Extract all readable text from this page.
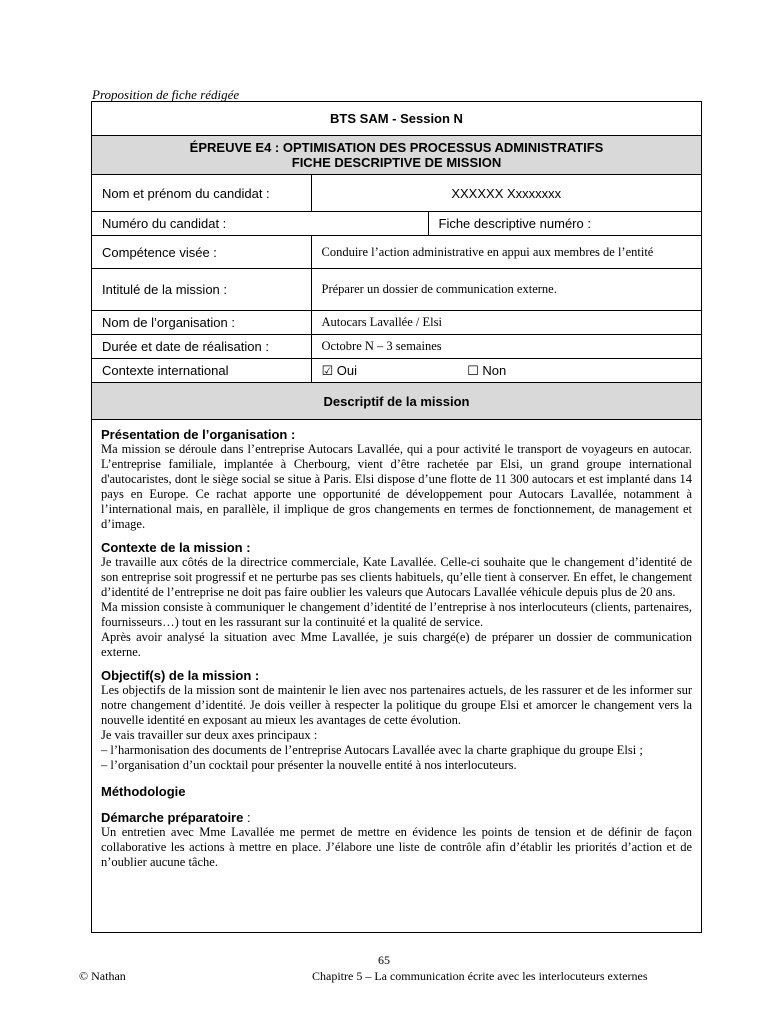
Proposition de fiche rédigée
BTS SAM - Session N		

ÉPREUVE E4 : OPTIMISATION DES PROCESSUS ADMINISTRATIFS
FICHE DESCRIPTIVE DE MISSION		

Nom et prénom du candidat :	XXXXXX Xxxxxxxx	
Numéro du candidat :		Fiche descriptive numéro :
Compétence visée :	Conduire l’action administrative en appui aux membres de l’entité	
Intitulé de la mission :	Préparer un dossier de communication externe.	
Nom de l’organisation :	Autocars Lavallée / Elsi	
Durée et date de réalisation :	Octobre N – 3 semaines	
Contexte international	☑ Oui ☐ Non	
Descriptif de la mission		
Présentation de l’organisation :

Ma mission se déroule dans l’entreprise Autocars Lavallée, qui a pour activité le transport de voyageurs en autocar. L’entreprise familiale, implantée à Cherbourg, vient d’être rachetée par Elsi, un grand groupe international d'autocaristes, dont le siège social se situe à Paris. Elsi dispose d’une flotte de 11 300 autocars et est implanté dans 14 pays en Europe. Ce rachat apporte une opportunité de développement pour Autocars Lavallée, notamment à l’international mais, en parallèle, il implique de gros changements en termes de fonctionnement, de management et d’image.

Contexte de la mission :

Je travaille aux côtés de la directrice commerciale, Kate Lavallée. Celle-ci souhaite que le changement d’identité de son entreprise soit progressif et ne perturbe pas ses clients habituels, qu’elle tient à conserver. En effet, le changement d’identité de l’entreprise ne doit pas faire oublier les valeurs que Autocars Lavallée véhicule depuis plus de 20 ans.

Ma mission consiste à communiquer le changement d’identité de l’entreprise à nos interlocuteurs (clients, partenaires, fournisseurs…) tout en les rassurant sur la continuité et la qualité de service.

Après avoir analysé la situation avec Mme Lavallée, je suis chargé(e) de préparer un dossier de communication externe.

Objectif(s) de la mission :

Les objectifs de la mission sont de maintenir le lien avec nos partenaires actuels, de les rassurer et de les informer sur notre changement d’identité. Je dois veiller à respecter la politique du groupe Elsi et amorcer le changement vers la nouvelle identité en exposant au mieux les avantages de cette évolution.

Je vais travailler sur deux axes principaux :

– l’harmonisation des documents de l’entreprise Autocars Lavallée avec la charte graphique du groupe Elsi ;

– l’organisation d’un cocktail pour présenter la nouvelle entité à nos interlocuteurs.

Méthodologie
Démarche préparatoire :

Un entretien avec Mme Lavallée me permet de mettre en évidence les points de tension et de définir de façon collaborative les actions à mettre en place. J’élabore une liste de contrôle afin d’établir les priorités d’action et de n’oublier aucune tâche.

65
© Nathan	Chapitre 5 – La communication écrite avec les interlocuteurs externes
